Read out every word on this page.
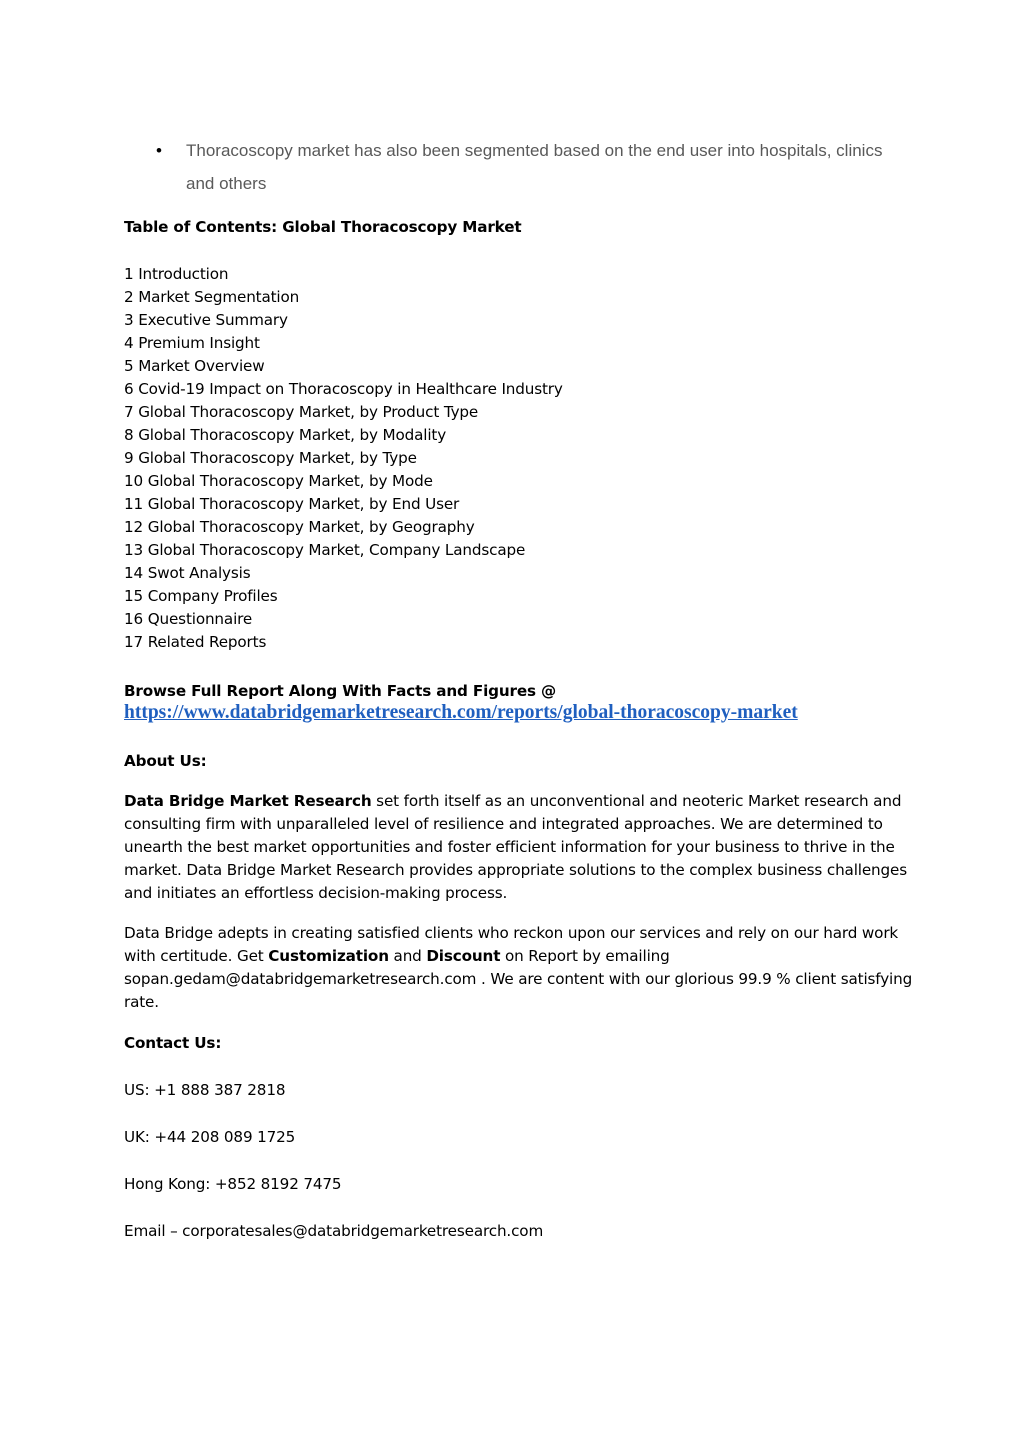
• Thoracoscopy market has also been segmented based on the end user into hospitals, clinics and others
Table of Contents: Global Thoracoscopy Market
1 Introduction
2 Market Segmentation
3 Executive Summary
4 Premium Insight
5 Market Overview
6 Covid-19 Impact on Thoracoscopy in Healthcare Industry
7 Global Thoracoscopy Market, by Product Type
8 Global Thoracoscopy Market, by Modality
9 Global Thoracoscopy Market, by Type
10 Global Thoracoscopy Market, by Mode
11 Global Thoracoscopy Market, by End User
12 Global Thoracoscopy Market, by Geography
13 Global Thoracoscopy Market, Company Landscape
14 Swot Analysis
15 Company Profiles
16 Questionnaire
17 Related Reports
Browse Full Report Along With Facts and Figures @
https://www.databridgemarketresearch.com/reports/global-thoracoscopy-market
About Us:
Data Bridge Market Research set forth itself as an unconventional and neoteric Market research and consulting firm with unparalleled level of resilience and integrated approaches. We are determined to unearth the best market opportunities and foster efficient information for your business to thrive in the market. Data Bridge Market Research provides appropriate solutions to the complex business challenges and initiates an effortless decision-making process.
Data Bridge adepts in creating satisfied clients who reckon upon our services and rely on our hard work with certitude. Get Customization and Discount on Report by emailing sopan.gedam@databridgemarketresearch.com . We are content with our glorious 99.9 % client satisfying rate.
Contact Us:
US: +1 888 387 2818
UK: +44 208 089 1725
Hong Kong: +852 8192 7475
Email – corporatesales@databridgemarketresearch.com
